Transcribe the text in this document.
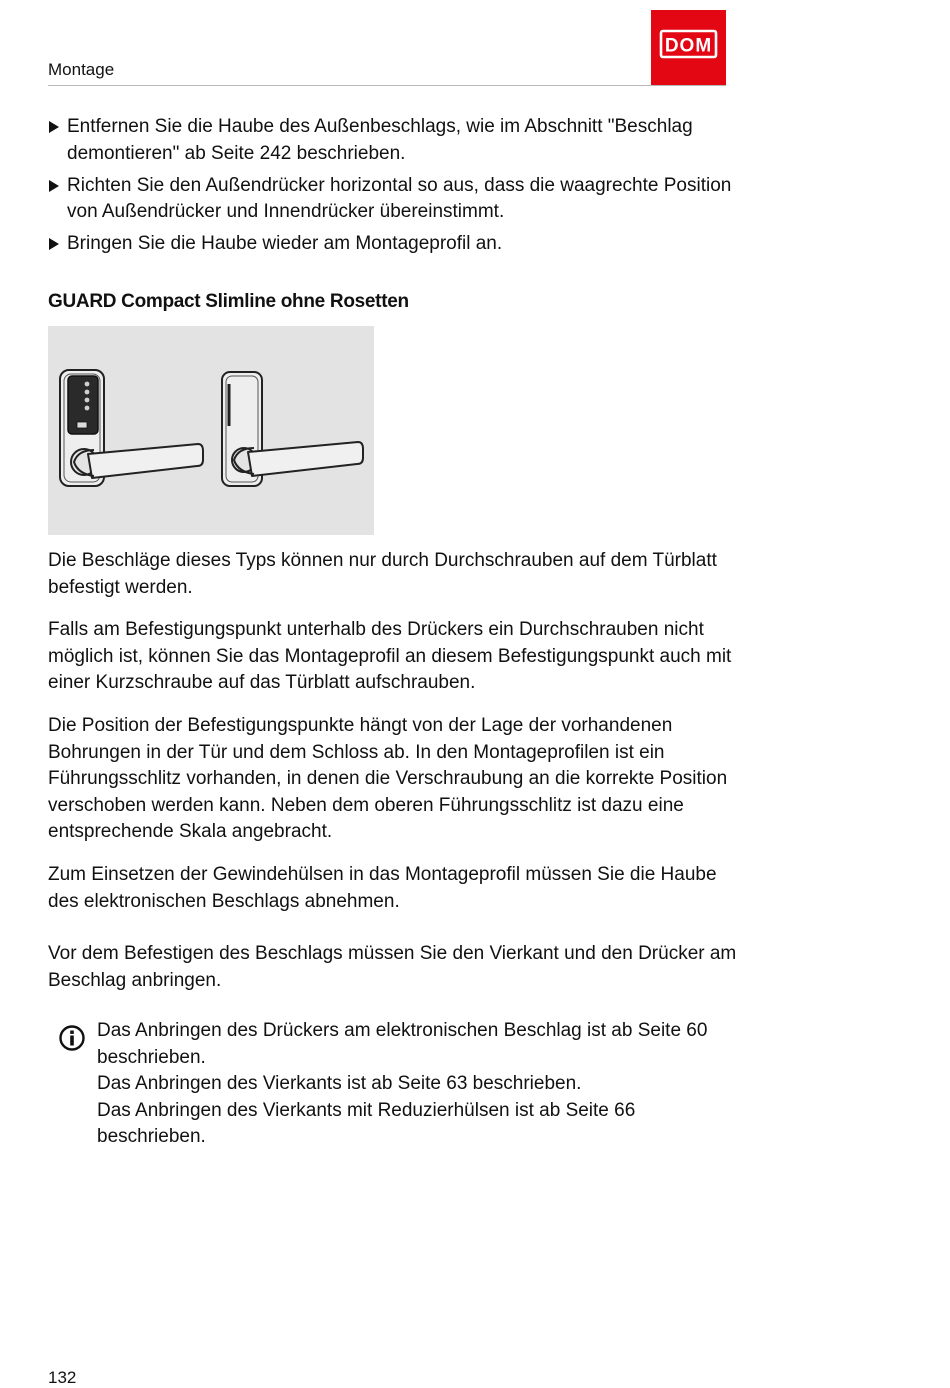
Montage
DOM
Entfernen Sie die Haube des Außenbeschlags, wie im Abschnitt "Beschlag demontieren" ab Seite 242 beschrieben.
Richten Sie den Außendrücker horizontal so aus, dass die waagrechte Position von Außendrücker und Innendrücker übereinstimmt.
Bringen Sie die Haube wieder am Montageprofil an.
GUARD Compact Slimline ohne Rosetten

Die Beschläge dieses Typs können nur durch Durchschrauben auf dem Türblatt befestigt werden.

Falls am Befestigungspunkt unterhalb des Drückers ein Durchschrauben nicht möglich ist, können Sie das Montageprofil an diesem Befestigungspunkt auch mit einer Kurzschraube auf das Türblatt aufschrauben.

Die Position der Befestigungspunkte hängt von der Lage der vorhandenen Bohrungen in der Tür und dem Schloss ab. In den Montageprofilen ist ein Führungsschlitz vorhanden, in denen die Verschraubung an die korrekte Position verschoben werden kann. Neben dem oberen Führungsschlitz ist dazu eine entsprechende Skala angebracht.

Zum Einsetzen der Gewindehülsen in das Montageprofil müssen Sie die Haube des elektronischen Beschlags abnehmen.

Vor dem Befestigen des Beschlags müssen Sie den Vierkant und den Drücker am Beschlag anbringen.

Das Anbringen des Drückers am elektronischen Beschlag ist ab Seite 60 beschrieben.
Das Anbringen des Vierkants ist ab Seite 63 beschrieben.
Das Anbringen des Vierkants mit Reduzierhülsen ist ab Seite 66 beschrieben.
132
